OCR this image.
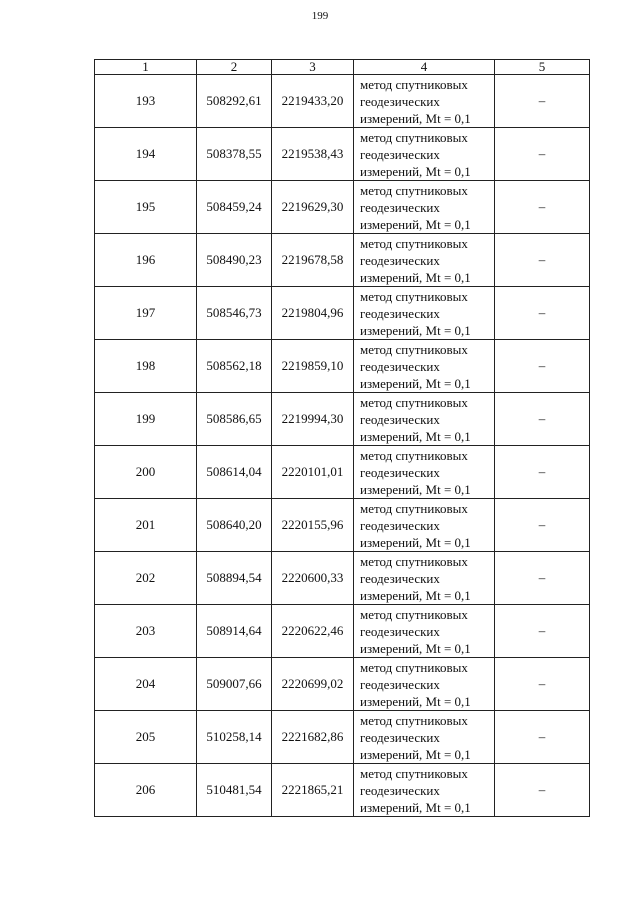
199
1	2	3	4	5
193	508292,61	2219433,20	метод спутниковых
геодезических
измерений, Mt = 0,1	–
194	508378,55	2219538,43	метод спутниковых
геодезических
измерений, Mt = 0,1	–
195	508459,24	2219629,30	метод спутниковых
геодезических
измерений, Mt = 0,1	–
196	508490,23	2219678,58	метод спутниковых
геодезических
измерений, Mt = 0,1	–
197	508546,73	2219804,96	метод спутниковых
геодезических
измерений, Mt = 0,1	–
198	508562,18	2219859,10	метод спутниковых
геодезических
измерений, Mt = 0,1	–
199	508586,65	2219994,30	метод спутниковых
геодезических
измерений, Mt = 0,1	–
200	508614,04	2220101,01	метод спутниковых
геодезических
измерений, Mt = 0,1	–
201	508640,20	2220155,96	метод спутниковых
геодезических
измерений, Mt = 0,1	–
202	508894,54	2220600,33	метод спутниковых
геодезических
измерений, Mt = 0,1	–
203	508914,64	2220622,46	метод спутниковых
геодезических
измерений, Mt = 0,1	–
204	509007,66	2220699,02	метод спутниковых
геодезических
измерений, Mt = 0,1	–
205	510258,14	2221682,86	метод спутниковых
геодезических
измерений, Mt = 0,1	–
206	510481,54	2221865,21	метод спутниковых
геодезических
измерений, Mt = 0,1	–
